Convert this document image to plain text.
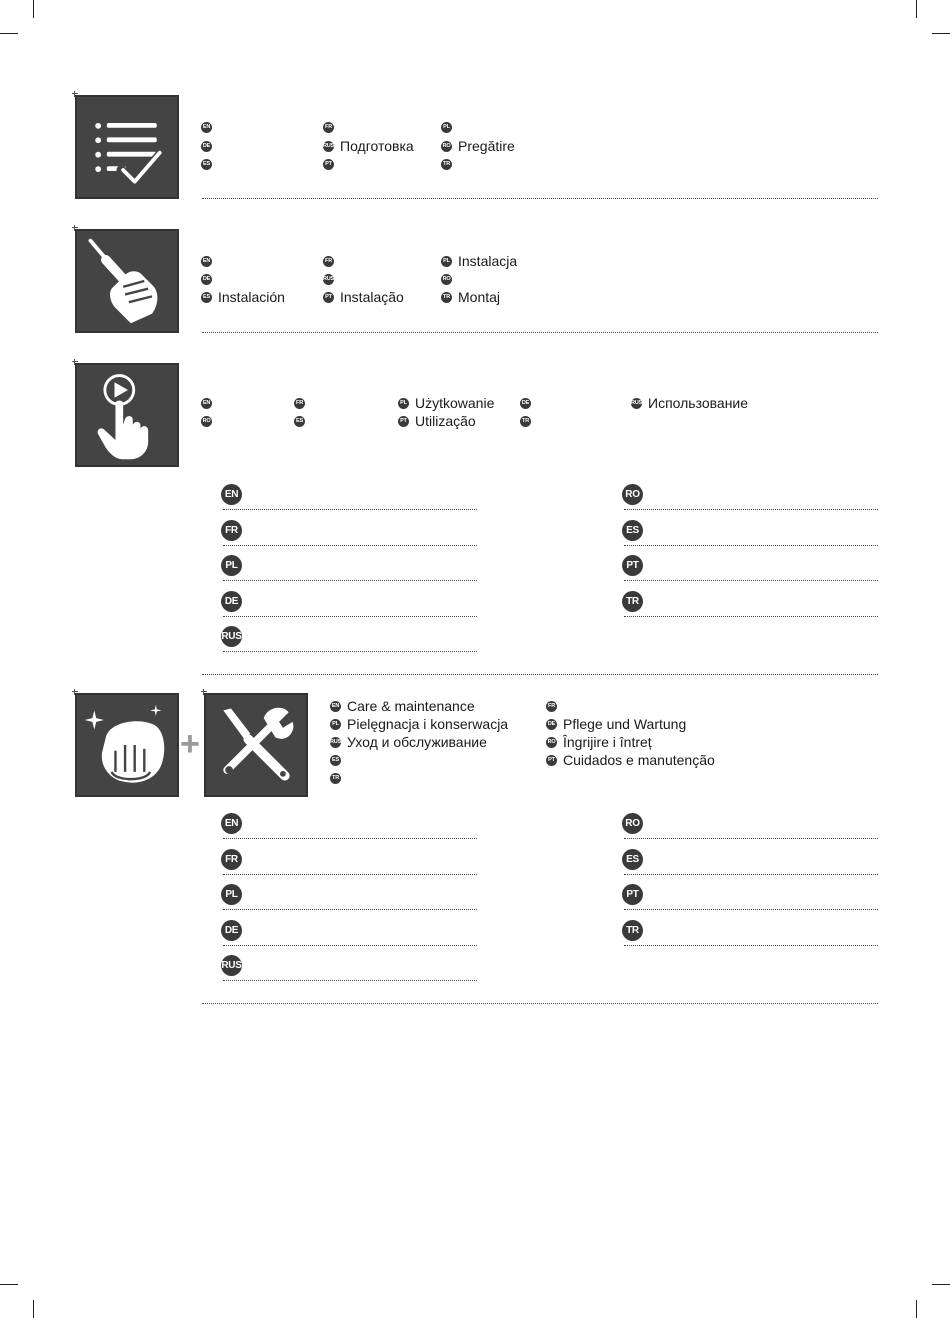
EN	FR	PL
DE	RUS Подготовка	RO Pregătire
ES	PT	TR
EN	FR	PL Instalacja
DE	RUS	RO
ES Instalación	PT Instalação	TR Montaj
EN	FR	PL Użytkowanie	DE	RUS Использование
RO	ES	PT Utilização	TR
EN
FR
PL
DE
RUS
RO
ES
PT
TR
+
EN Care & maintenance	FR
PL Pielęgnacja i konserwacja	DE Pflege und Wartung
RUS Уход и обслуживание	RO Îngrijire i întreț
ES	PT Cuidados e manutenção
TR
EN
FR
PL
DE
RUS
RO
ES
PT
TR
